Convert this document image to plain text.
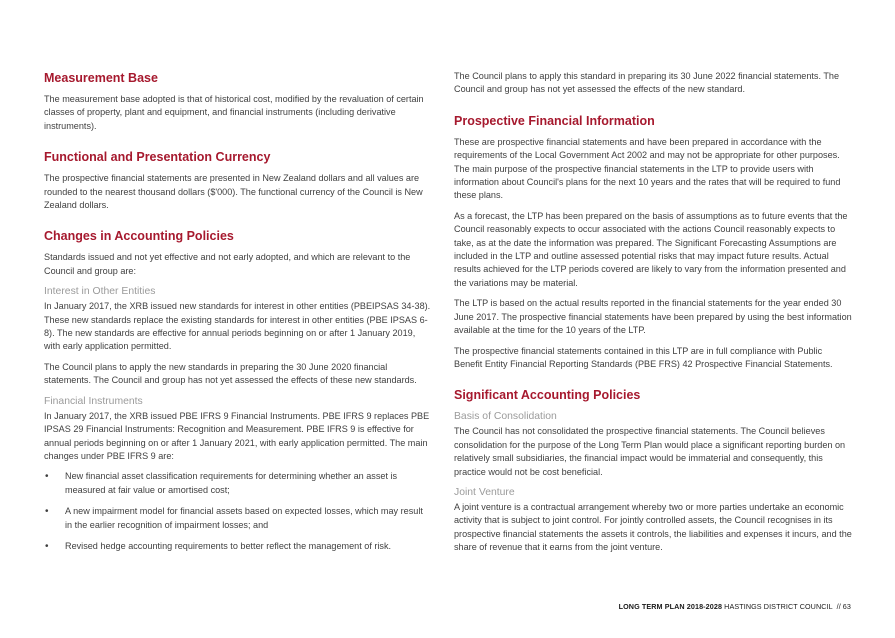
Measurement Base

The measurement base adopted is that of historical cost, modified by the revaluation of certain classes of property, plant and equipment, and financial instruments (including derivative instruments).

Functional and Presentation Currency

The prospective financial statements are presented in New Zealand dollars and all values are rounded to the nearest thousand dollars ($'000). The functional currency of the Council is New Zealand dollars.

Changes in Accounting Policies

Standards issued and not yet effective and not early adopted, and which are relevant to the Council and group are:

Interest in Other Entities

In January 2017, the XRB issued new standards for interest in other entities (PBEIPSAS 34-38). These new standards replace the existing standards for interest in other entities (PBE IPSAS 6-8). The new standards are effective for annual periods beginning on or after 1 January 2019, with early application permitted.

The Council plans to apply the new standards in preparing the 30 June 2020 financial statements. The Council and group has not yet assessed the effects of these new standards.

Financial Instruments

In January 2017, the XRB issued PBE IFRS 9 Financial Instruments. PBE IFRS 9 replaces PBE IPSAS 29 Financial Instruments: Recognition and Measurement. PBE IFRS 9 is effective for annual periods beginning on or after 1 January 2021, with early application permitted. The main changes under PBE IFRS 9 are:

• New financial asset classification requirements for determining whether an asset is measured at fair value or amortised cost;
• A new impairment model for financial assets based on expected losses, which may result in the earlier recognition of impairment losses; and
• Revised hedge accounting requirements to better reflect the management of risk.

The Council plans to apply this standard in preparing its 30 June 2022 financial statements. The Council and group has not yet assessed the effects of the new standard.

Prospective Financial Information

These are prospective financial statements and have been prepared in accordance with the requirements of the Local Government Act 2002 and may not be appropriate for other purposes. The main purpose of the prospective financial statements in the LTP to provide users with information about Council's plans for the next 10 years and the rates that will be required to fund these plans.

As a forecast, the LTP has been prepared on the basis of assumptions as to future events that the Council reasonably expects to occur associated with the actions Council reasonably expects to take, as at the date the information was prepared. The Significant Forecasting Assumptions are included in the LTP and outline assessed potential risks that may impact future results. Actual results achieved for the LTP periods covered are likely to vary from the information presented and the variations may be material.

The LTP is based on the actual results reported in the financial statements for the year ended 30 June 2017. The prospective financial statements have been prepared by using the best information available at the time for the 10 years of the LTP.

The prospective financial statements contained in this LTP are in full compliance with Public Benefit Entity Financial Reporting Standards (PBE FRS) 42 Prospective Financial Statements.

Significant Accounting Policies
Basis of Consolidation

The Council has not consolidated the prospective financial statements. The Council believes consolidation for the purpose of the Long Term Plan would place a significant reporting burden on relatively small subsidiaries, the financial impact would be immaterial and consequently, this practice would not be cost beneficial.

Joint Venture

A joint venture is a contractual arrangement whereby two or more parties undertake an economic activity that is subject to joint control. For jointly controlled assets, the Council recognises in its prospective financial statements the assets it controls, the liabilities and expenses it incurs, and the share of revenue that it earns from the joint venture.

LONG TERM PLAN 2018-2028 HASTINGS DISTRICT COUNCIL // 63
